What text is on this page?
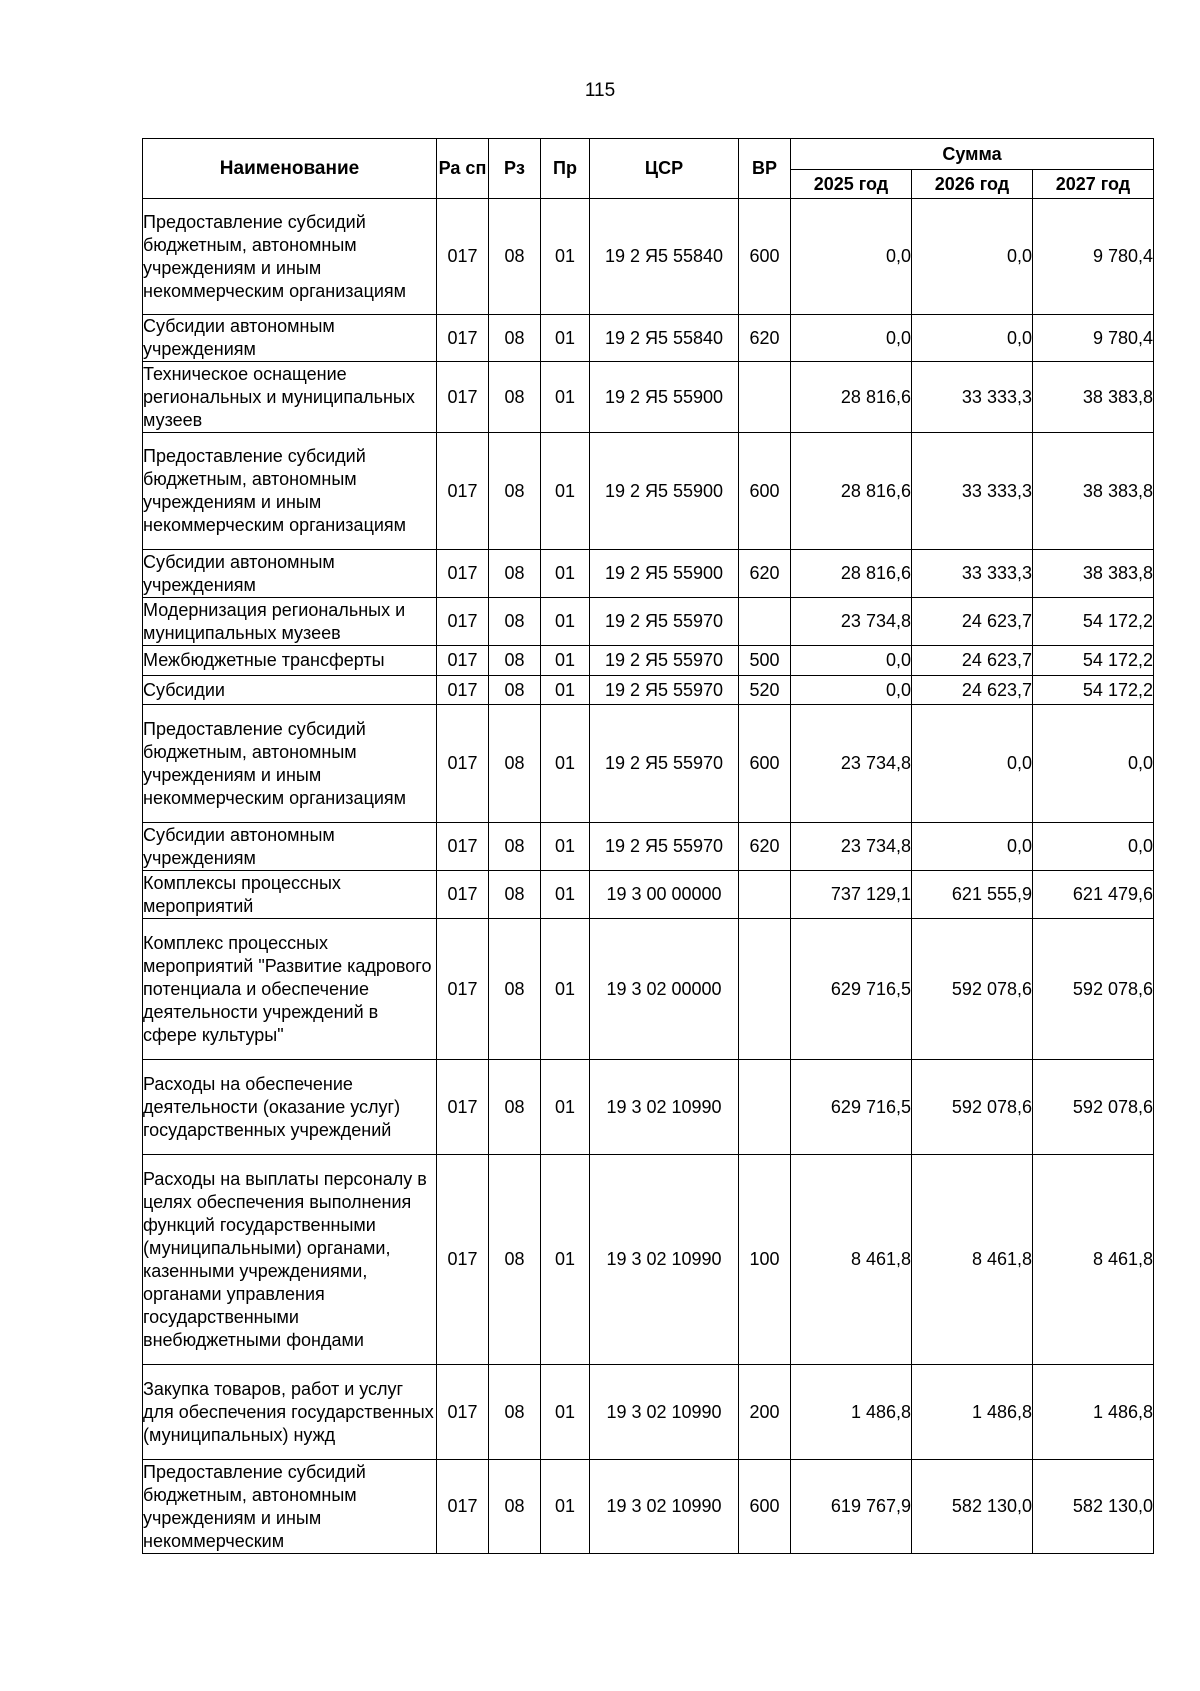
115
Наименование	Ра сп	Рз	Пр	ЦСР	ВР	Сумма		
						2025 год	2026 год	2027 год
Предоставление субсидий бюджетным, автономным учреждениям и иным некоммерческим организациям	017	08	01	19 2 Я5 55840	600	0,0	0,0	9 780,4
Субсидии автономным учреждениям	017	08	01	19 2 Я5 55840	620	0,0	0,0	9 780,4
Техническое оснащение региональных и муниципальных музеев	017	08	01	19 2 Я5 55900		28 816,6	33 333,3	38 383,8
Предоставление субсидий бюджетным, автономным учреждениям и иным некоммерческим организациям	017	08	01	19 2 Я5 55900	600	28 816,6	33 333,3	38 383,8
Субсидии автономным учреждениям	017	08	01	19 2 Я5 55900	620	28 816,6	33 333,3	38 383,8
Модернизация региональных и муниципальных музеев	017	08	01	19 2 Я5 55970		23 734,8	24 623,7	54 172,2
Межбюджетные трансферты	017	08	01	19 2 Я5 55970	500	0,0	24 623,7	54 172,2
Субсидии	017	08	01	19 2 Я5 55970	520	0,0	24 623,7	54 172,2
Предоставление субсидий бюджетным, автономным учреждениям и иным некоммерческим организациям	017	08	01	19 2 Я5 55970	600	23 734,8	0,0	0,0
Субсидии автономным учреждениям	017	08	01	19 2 Я5 55970	620	23 734,8	0,0	0,0
Комплексы процессных мероприятий	017	08	01	19 3 00 00000		737 129,1	621 555,9	621 479,6
Комплекс процессных мероприятий "Развитие кадрового потенциала и обеспечение деятельности учреждений в сфере культуры"	017	08	01	19 3 02 00000		629 716,5	592 078,6	592 078,6
Расходы на обеспечение деятельности (оказание услуг) государственных учреждений	017	08	01	19 3 02 10990		629 716,5	592 078,6	592 078,6
Расходы на выплаты персоналу в целях обеспечения выполнения функций государственными (муниципальными) органами, казенными учреждениями, органами управления государственными внебюджетными фондами	017	08	01	19 3 02 10990	100	8 461,8	8 461,8	8 461,8
Закупка товаров, работ и услуг для обеспечения государственных (муниципальных) нужд	017	08	01	19 3 02 10990	200	1 486,8	1 486,8	1 486,8
Предоставление субсидий бюджетным, автономным учреждениям и иным некоммерческим	017	08	01	19 3 02 10990	600	619 767,9	582 130,0	582 130,0
